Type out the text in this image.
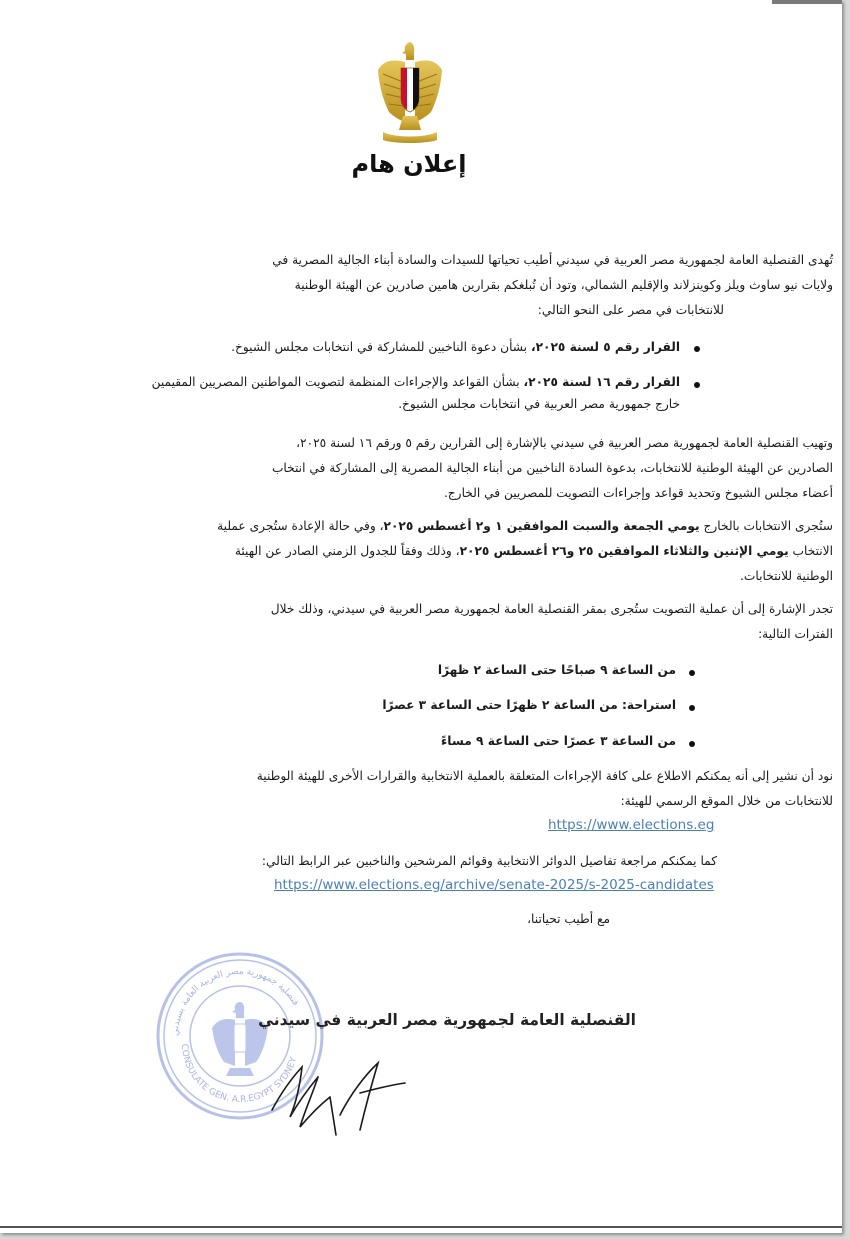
إعلان هام
تُهدى القنصلية العامة لجمهورية مصر العربية في سيدني أطيب تحياتها للسيدات والسادة أبناء الجالية المصرية في
ولايات نيو ساوث ويلز وكوينزلاند والإقليم الشمالي، وتود أن تُبلغكم بقرارين هامين صادرين عن الهيئة الوطنية
للانتخابات في مصر على النحو التالي:
القرار رقم ٥ لسنة ٢٠٢٥، بشأن دعوة الناخبين للمشاركة في انتخابات مجلس الشيوخ.
القرار رقم ١٦ لسنة ٢٠٢٥، بشأن القواعد والإجراءات المنظمة لتصويت المواطنين المصريين المقيمين
خارج جمهورية مصر العربية في انتخابات مجلس الشيوخ.
وتهيب القنصلية العامة لجمهورية مصر العربية في سيدني بالإشارة إلى القرارين رقم ٥ ورقم ١٦ لسنة ٢٠٢٥،
الصادرين عن الهيئة الوطنية للانتخابات، بدعوة السادة الناخبين من أبناء الجالية المصرية إلى المشاركة في انتخاب
أعضاء مجلس الشيوخ وتحديد قواعد وإجراءات التصويت للمصريين في الخارج.
ستُجرى الانتخابات بالخارج يومي الجمعة والسبت الموافقين ١ و٢ أغسطس ٢٠٢٥، وفي حالة الإعادة ستُجرى عملية
الانتخاب يومي الإثنين والثلاثاء الموافقين ٢٥ و٢٦ أغسطس ٢٠٢٥، وذلك وفقاً للجدول الزمني الصادر عن الهيئة
الوطنية للانتخابات.
تجدر الإشارة إلى أن عملية التصويت ستُجرى بمقر القنصلية العامة لجمهورية مصر العربية في سيدني، وذلك خلال
الفترات التالية:
من الساعة ٩ صباحًا حتى الساعة ٢ ظهرًا
استراحة: من الساعة ٢ ظهرًا حتى الساعة ٣ عصرًا
من الساعة ٣ عصرًا حتى الساعة ٩ مساءً
نود أن نشير إلى أنه يمكنكم الاطلاع على كافة الإجراءات المتعلقة بالعملية الانتخابية والقرارات الأخرى للهيئة الوطنية
للانتخابات من خلال الموقع الرسمي للهيئة:
https://www.elections.eg
كما يمكنكم مراجعة تفاصيل الدوائر الانتخابية وقوائم المرشحين والناخبين عبر الرابط التالي:
https://www.elections.eg/archive/senate-2025/s-2025-candidates
مع أطيب تحياتنا،
قنصلية جمهورية مصر العربية العامة بسيدني
CONSULATE GEN. A.R.EGYPT SYDNEY
القنصلية العامة لجمهورية مصر العربية في سيدني
